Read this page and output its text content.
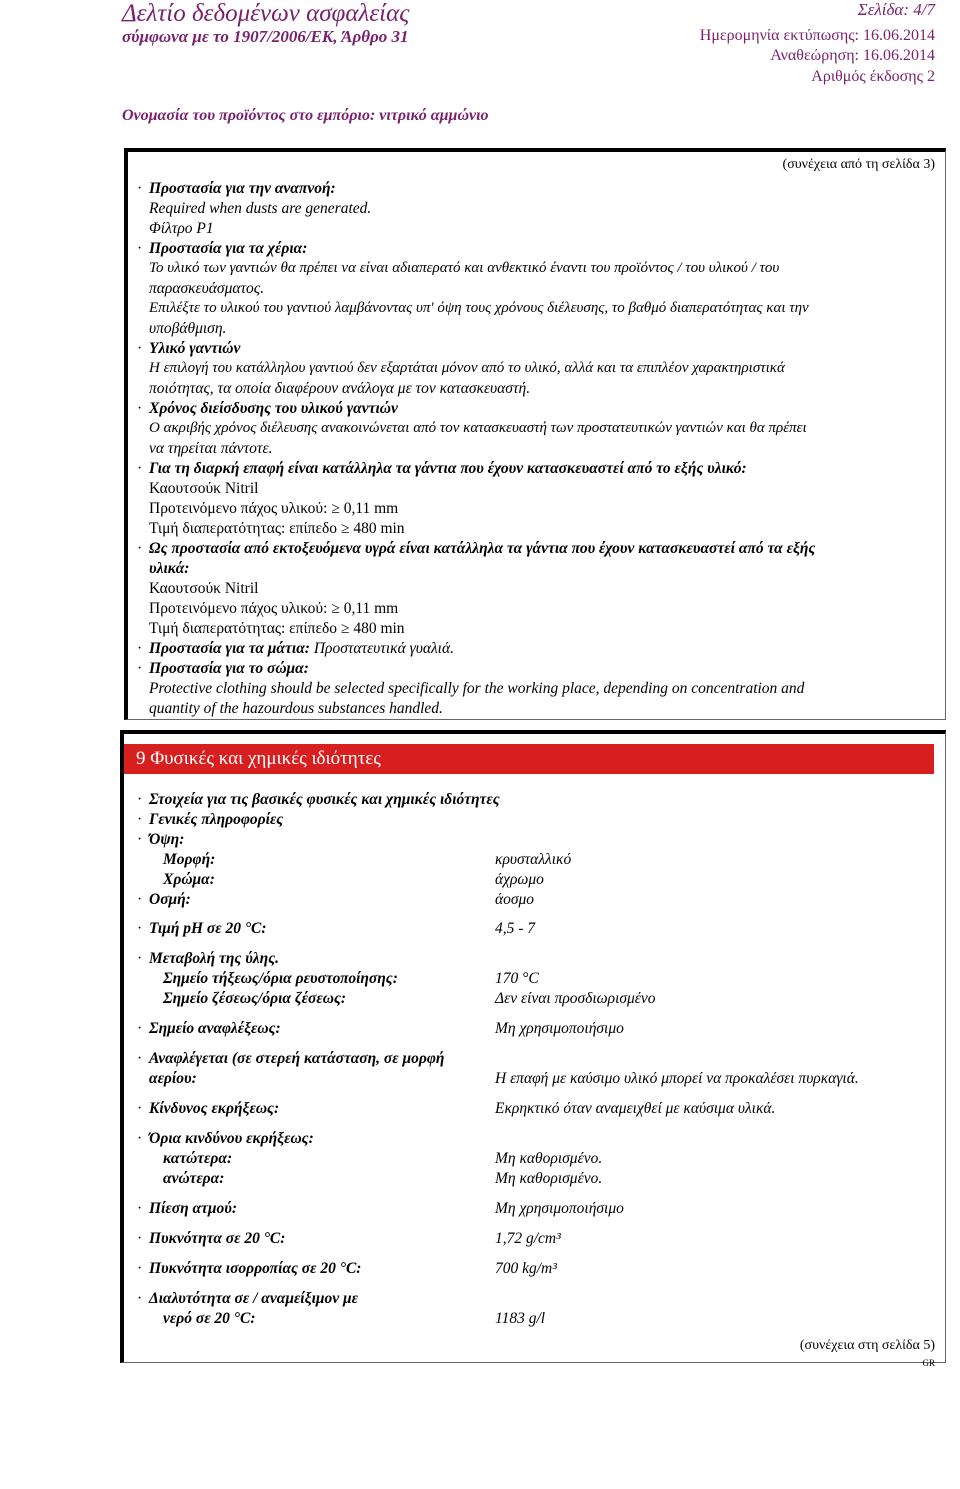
Δελτίο δεδομένων ασφαλείας
σύμφωνα με το 1907/2006/ΕΚ, Άρθρο 31
Σελίδα: 4/7
Ημερομηνία εκτύπωσης: 16.06.2014
Αναθεώρηση: 16.06.2014
Αριθμός έκδοσης 2
Ονομασία του προϊόντος στο εμπόριο: νιτρικό αμμώνιο
(συνέχεια από τη σελίδα 3)
· Προστασία για την αναπνοή:
Required when dusts are generated.
Φίλτρο P1
· Προστασία για τα χέρια:
Το υλικό των γαντιών θα πρέπει να είναι αδιαπερατό και ανθεκτικό έναντι του προϊόντος / του υλικού / του
παρασκευάσματος.
Επιλέξτε το υλικού του γαντιού λαμβάνοντας υπ' όψη τους χρόνους διέλευσης, το βαθμό διαπερατότητας και την
υποβάθμιση.
· Υλικό γαντιών
Η επιλογή του κατάλληλου γαντιού δεν εξαρτάται μόνον από το υλικό, αλλά και τα επιπλέον χαρακτηριστικά
ποιότητας, τα οποία διαφέρουν ανάλογα με τον κατασκευαστή.
· Χρόνος διείσδυσης του υλικού γαντιών
Ο ακριβής χρόνος διέλευσης ανακοινώνεται από τον κατασκευαστή των προστατευτικών γαντιών και θα πρέπει
να τηρείται πάντοτε.
· Για τη διαρκή επαφή είναι κατάλληλα τα γάντια που έχουν κατασκευαστεί από το εξής υλικό:
Καουτσούκ Nitril
Προτεινόμενο πάχος υλικού: ≥ 0,11 mm
Τιμή διαπερατότητας: επίπεδο ≥ 480 min
· Ως προστασία από εκτοξευόμενα υγρά είναι κατάλληλα τα γάντια που έχουν κατασκευαστεί από τα εξής
υλικά:
Καουτσούκ Nitril
Προτεινόμενο πάχος υλικού: ≥ 0,11 mm
Τιμή διαπερατότητας: επίπεδο ≥ 480 min
· Προστασία για τα μάτια: Προστατευτικά γυαλιά.
· Προστασία για το σώμα:
Protective clothing should be selected specifically for the working place, depending on concentration and
quantity of the hazourdous substances handled.
9 Φυσικές και χημικές ιδιότητες
· Στοιχεία για τις βασικές φυσικές και χημικές ιδιότητες
· Γενικές πληροφορίες
· Όψη:
Μορφή:	κρυσταλλικό
Χρώμα:	άχρωμο
· Οσμή:	άοσμο
· Τιμή pH σε 20 °C:	4,5 - 7
· Μεταβολή της ύλης.
Σημείο τήξεως/όρια ρευστοποίησης:	170 °C
Σημείο ζέσεως/όρια ζέσεως:	Δεν είναι προσδιωρισμένο
· Σημείο αναφλέξεως:	Μη χρησιμοποιήσιμο
· Αναφλέγεται (σε στερεή κατάσταση, σε μορφή
αερίου:	Η επαφή με καύσιμο υλικό μπορεί να προκαλέσει πυρκαγιά.
· Κίνδυνος εκρήξεως:	Εκρηκτικό όταν αναμειχθεί με καύσιμα υλικά.
· Όρια κινδύνου εκρήξεως:
κατώτερα:	Μη καθορισμένο.
ανώτερα:	Μη καθορισμένο.
· Πίεση ατμού:	Μη χρησιμοποιήσιμο
· Πυκνότητα σε 20 °C:	1,72 g/cm³
· Πυκνότητα ισορροπίας σε 20 °C:	700 kg/m³
· Διαλυτότητα σε / αναμείξιμον με
νερό σε 20 °C:	1183 g/l
(συνέχεια στη σελίδα 5)
GR
